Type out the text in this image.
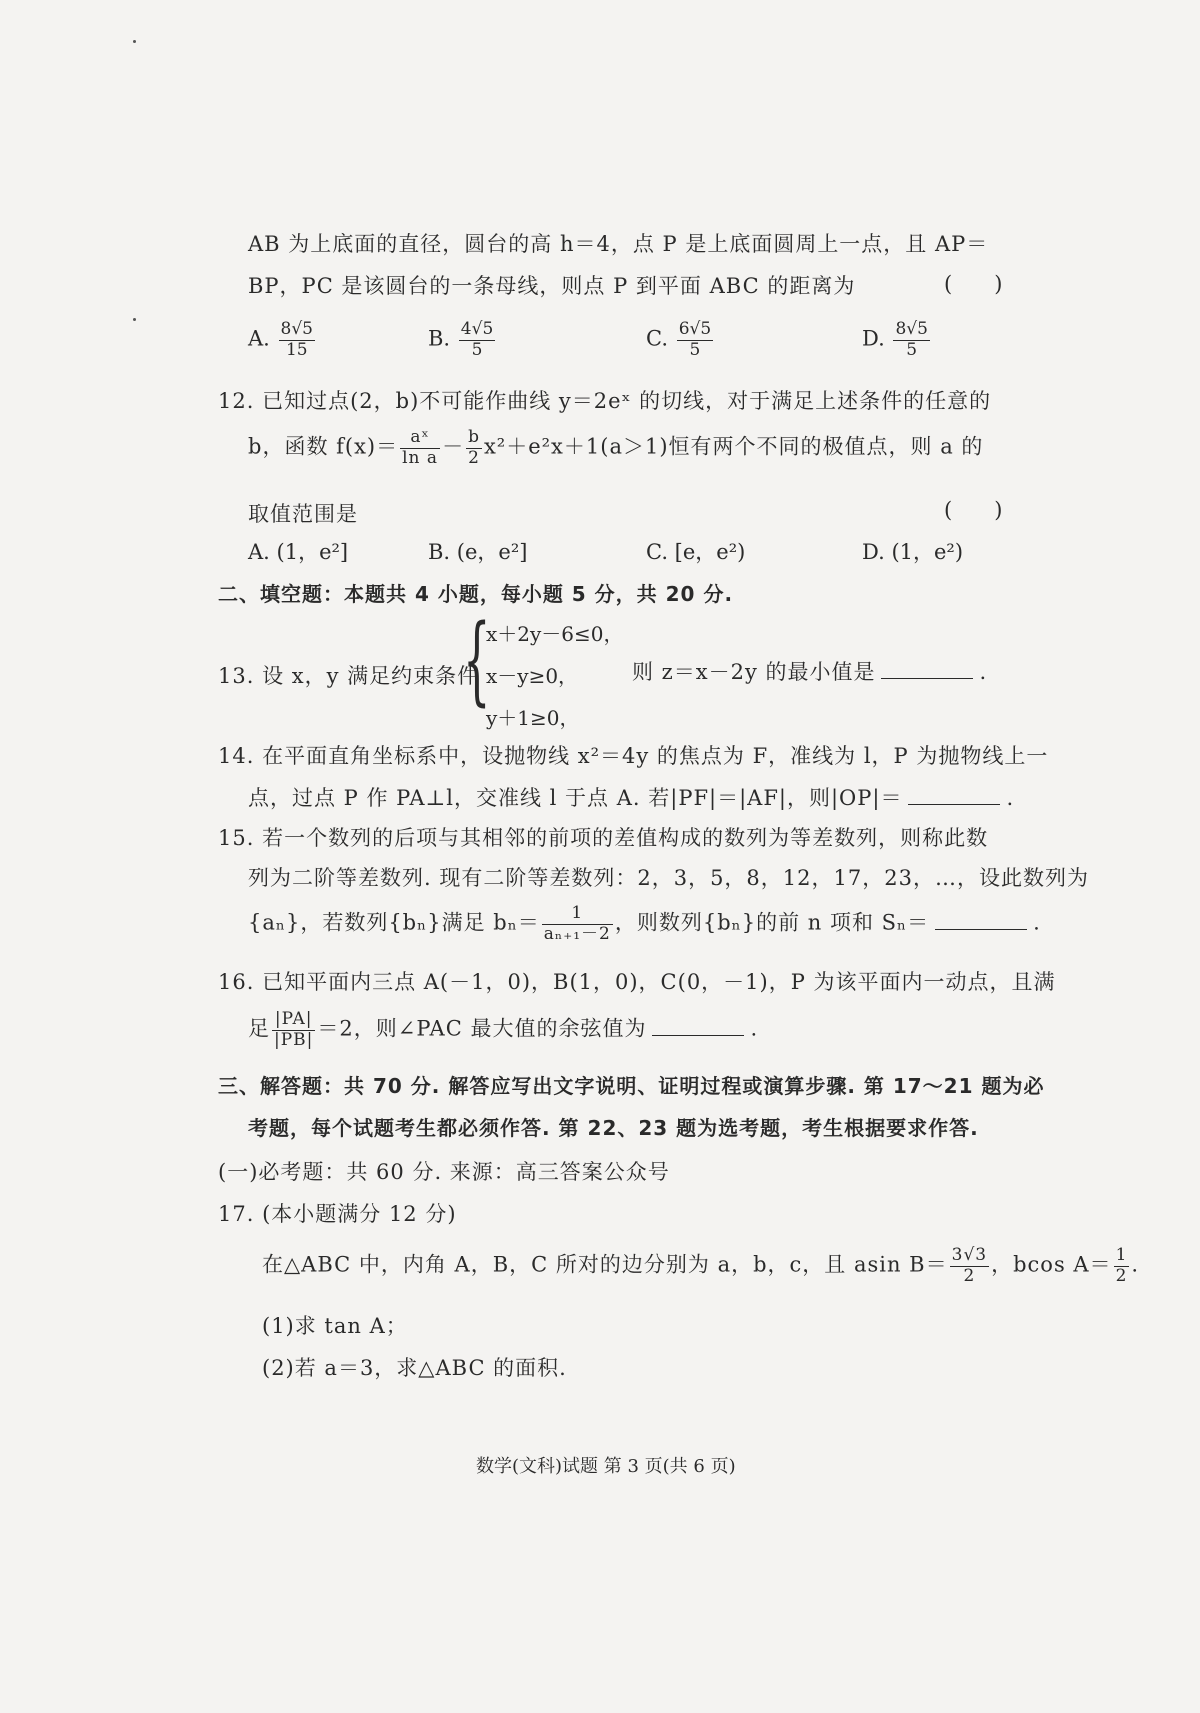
AB 为上底面的直径，圆台的高 h＝4，点 P 是上底面圆周上一点，且 AP＝
BP，PC 是该圆台的一条母线，则点 P 到平面 ABC 的距离为	(　　)
A. $\frac{8√5}{15}$	B. $\frac{4√5}{5}$	C. $\frac{6√5}{5}$	D. $\frac{8√5}{5}$
12. 已知过点(2，b)不可能作曲线 y＝2eˣ 的切线，对于满足上述条件的任意的
b，函数 $f(x)= \frac{\text{aˣ}}{\text{ln a}} - \frac{b}{2} x^2+e^2x+1(a>1)$恒有两个不同的极值点，则 a 的
取值范围是	(　　)
A. (1，e²]	B. (e，e²]	C. [e，e²)	D. (1，e²)
二、填空题：本题共 4 小题，每小题 5 分，共 20 分.
13. 设 x，y 满足约束条件
{
x＋2y－6≤0，
x－y≥0，
y＋1≥0，
则 z＝x－2y 的最小值是	.
14. 在平面直角坐标系中，设抛物线 x²＝4y 的焦点为 F，准线为 l，P 为抛物线上一
点，过点 P 作 PA⊥l，交准线 l 于点 A. 若|PF|＝|AF|，则|OP|＝	.
15. 若一个数列的后项与其相邻的前项的差值构成的数列为等差数列，则称此数
列为二阶等差数列. 现有二阶等差数列：2，3，5，8，12，17，23，…，设此数列为
{aₙ}，若数列{bₙ}满足 $b_n= \frac{1}{\text{aₙ₊₁－2}}$ ，则数列{bₙ}的前 n 项和 Sₙ＝	.
16. 已知平面内三点 A(－1，0)，B(1，0)，C(0，－1)，P 为该平面内一动点，且满
足 $\frac{|PA|}{|PB|} =2$，则∠PAC 最大值的余弦值为	.
三、解答题：共 70 分. 解答应写出文字说明、证明过程或演算步骤. 第 17～21 题为必
考题，每个试题考生都必须作答. 第 22、23 题为选考题，考生根据要求作答.
(一)必考题：共 60 分. 来源：高三答案公众号
17. (本小题满分 12 分)
在△ABC 中，内角 A，B，C 所对的边分别为 a，b，c，且 asin $B= \frac{3√3}{2}$ ，bcos $A= \frac{1}{2}$ .
(1)求 tan A；
(2)若 a＝3，求△ABC 的面积.
数学(文科)试题 第 3 页(共 6 页)
